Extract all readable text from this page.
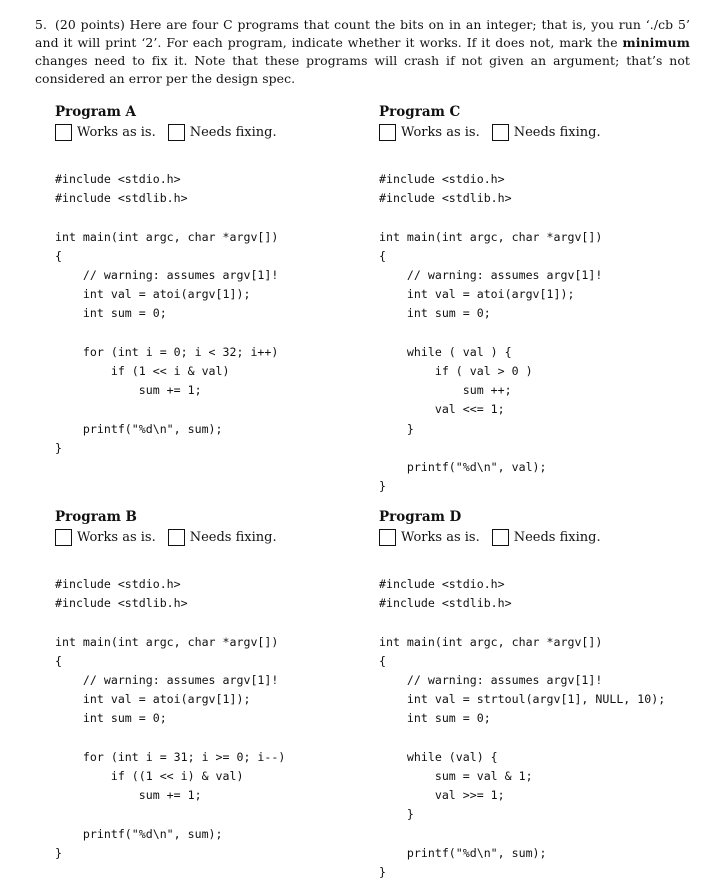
5. (20 points) Here are four C programs that count the bits on in an integer; that is, you run ‘./cb 5’ and it will print ‘2’. For each program, indicate whether it works. If it does not, mark the minimum changes need to fix it. Note that these programs will crash if not given an argument; that’s not considered an error per the design spec.
Program A
Works as is.	Needs fixing.
#include <stdio.h>
#include <stdlib.h>

int main(int argc, char *argv[])
{
// warning: assumes argv[1]!
int val = atoi(argv[1]);
int sum = 0;

for (int i = 0; i < 32; i++)
if (1 << i & val)
sum += 1;

printf("%d\n", sum);
}
Program C
Works as is.	Needs fixing.
#include <stdio.h>
#include <stdlib.h>

int main(int argc, char *argv[])
{
// warning: assumes argv[1]!
int val = atoi(argv[1]);
int sum = 0;

while ( val ) {
if ( val > 0 )
sum ++;
val <<= 1;
}

printf("%d\n", val);
}
Program B
Works as is.	Needs fixing.
#include <stdio.h>
#include <stdlib.h>

int main(int argc, char *argv[])
{
// warning: assumes argv[1]!
int val = atoi(argv[1]);
int sum = 0;

for (int i = 31; i >= 0; i--)
if ((1 << i) & val)
sum += 1;

printf("%d\n", sum);
}
Program D
Works as is.	Needs fixing.
#include <stdio.h>
#include <stdlib.h>

int main(int argc, char *argv[])
{
// warning: assumes argv[1]!
int val = strtoul(argv[1], NULL, 10);
int sum = 0;

while (val) {
sum = val & 1;
val >>= 1;
}

printf("%d\n", sum);
}
